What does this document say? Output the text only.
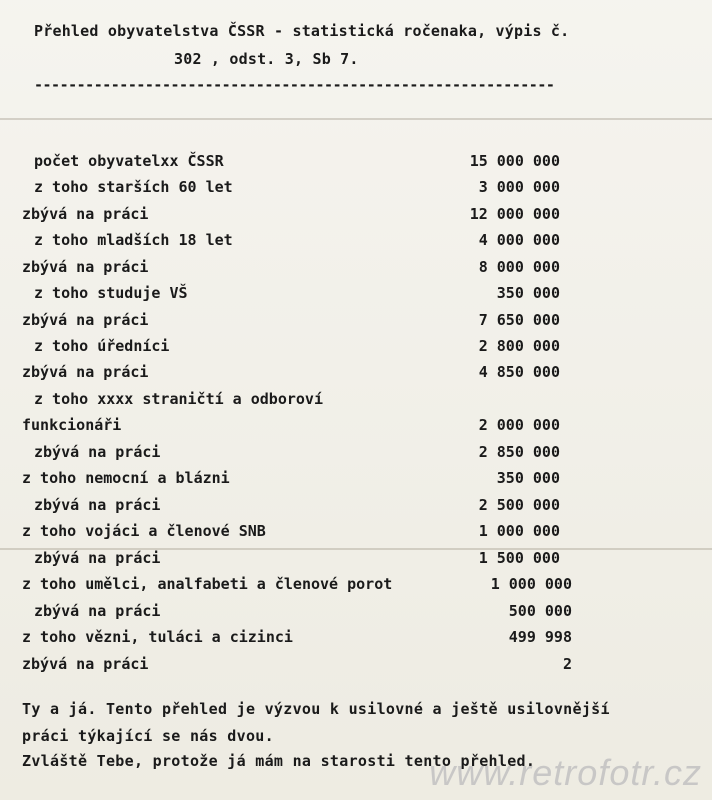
Přehled obyvatelstva ČSSR - statistická ročenaka, výpis č.
302 , odst. 3, Sb 7.
-------------------------------------------------------------
počet obyvatelxx ČSSR	15 000 000
z toho starších 60 let	3 000 000
zbývá na práci	12 000 000
z toho mladších 18 let	4 000 000
zbývá na práci	8 000 000
z toho studuje VŠ	350 000
zbývá na práci	7 650 000
z toho úředníci	2 800 000
zbývá na práci	4 850 000
z toho xxxx straničtí a odboroví
funkcionáři	2 000 000
zbývá na práci	2 850 000
z toho nemocní a blázni	350 000
zbývá na práci	2 500 000
z toho vojáci a členové SNB	1 000 000
zbývá na práci	1 500 000
z toho umělci, analfabeti a členové porot	1 000 000
zbývá na práci	500 000
z toho vězni, tuláci a cizinci	499 998
zbývá na práci	2
Ty a já. Tento přehled je výzvou k usilovné a ještě usilovnější
práci týkající se nás dvou.
Zvláště Tebe, protože já mám na starosti tento přehled.
www.retrofotr.cz
